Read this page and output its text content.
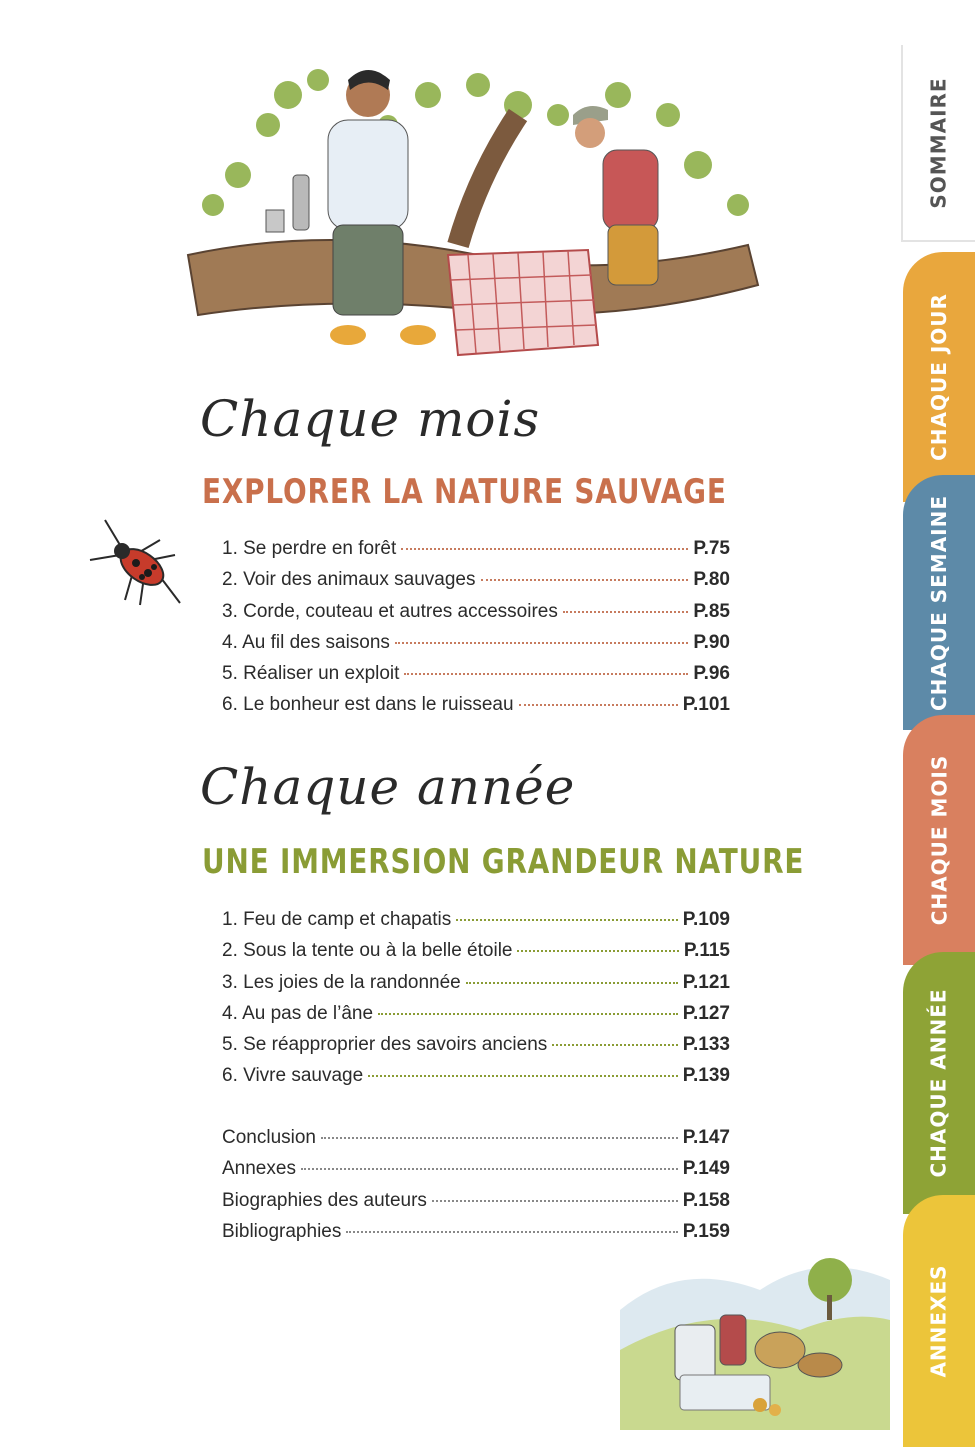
Chaque mois
EXPLORER LA NATURE SAUVAGE
1. Se perdre en forêt	P.75
2. Voir des animaux sauvages	P.80
3. Corde, couteau et autres accessoires	P.85
4. Au fil des saisons	P.90
5. Réaliser un exploit	P.96
6. Le bonheur est dans le ruisseau	P.101
Chaque année
UNE IMMERSION GRANDEUR NATURE
1. Feu de camp et chapatis	P.109
2. Sous la tente ou à la belle étoile	P.115
3. Les joies de la randonnée	P.121
4. Au pas de l’âne	P.127
5. Se réapproprier des savoirs anciens	P.133
6. Vivre sauvage	P.139
Conclusion	P.147
Annexes	P.149
Biographies des auteurs	P.158
Bibliographies	P.159
SOMMAIRE
CHAQUE JOUR
CHAQUE SEMAINE
CHAQUE MOIS
CHAQUE ANNÉE
ANNEXES
